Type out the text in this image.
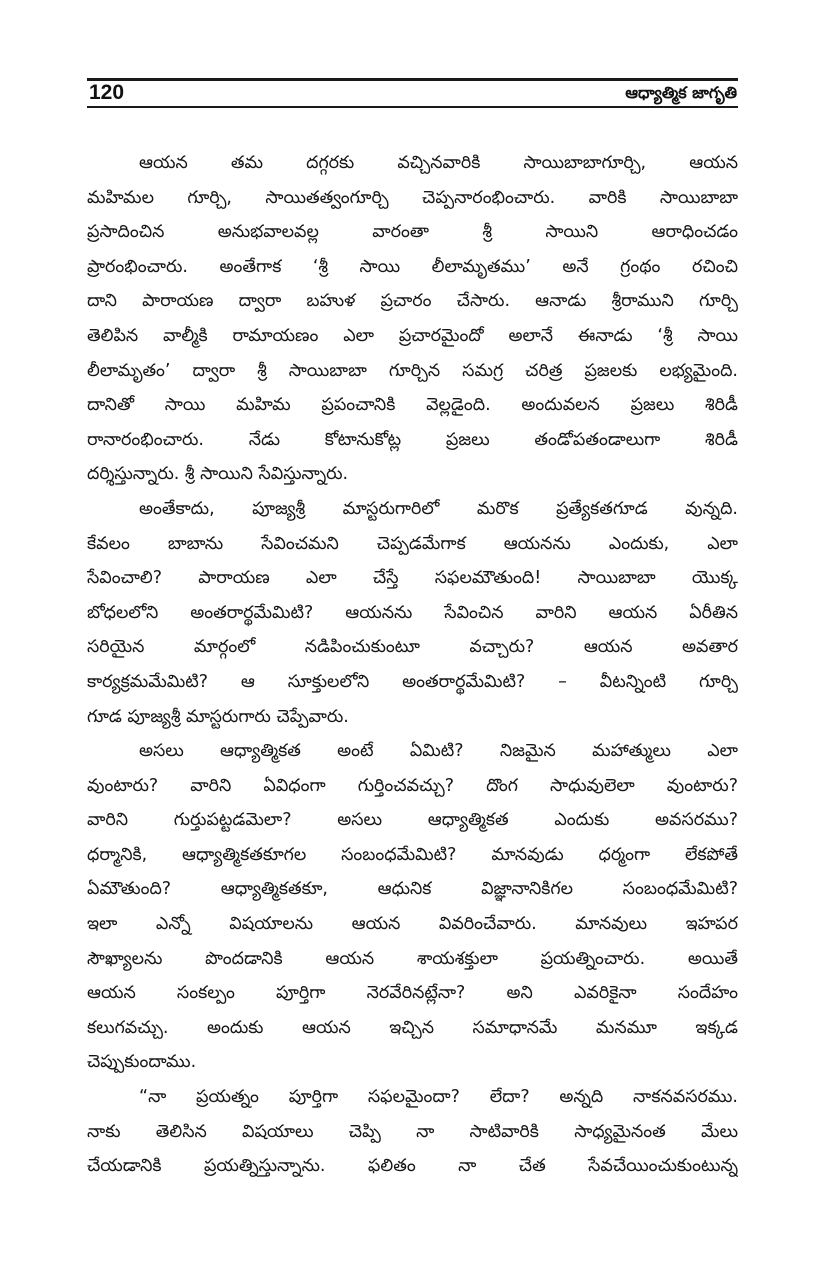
120	ఆధ్యాత్మిక జాగృతి
ఆయన తమ దగ్గరకు వచ్చినవారికి సాయిబాబాగూర్చి, ఆయన
మహిమల గూర్చి, సాయితత్వంగూర్చి చెప్పనారంభించారు. వారికి సాయిబాబా
ప్రసాదించిన అనుభవాలవల్ల వారంతా శ్రీ సాయిని ఆరాధించడం
ప్రారంభించారు. అంతేగాక ‘శ్రీ సాయి లీలామృతము’ అనే గ్రంథం రచించి
దాని పారాయణ ద్వారా బహుళ ప్రచారం చేసారు. ఆనాడు శ్రీరాముని గూర్చి
తెలిపిన వాల్మీకి రామాయణం ఎలా ప్రచారమైందో అలానే ఈనాడు ‘శ్రీ సాయి
లీలామృతం’ ద్వారా శ్రీ సాయిబాబా గూర్చిన సమగ్ర చరిత్ర ప్రజలకు లభ్యమైంది.
దానితో సాయి మహిమ ప్రపంచానికి వెల్లడైంది. అందువలన ప్రజలు శిరిడీ
రానారంభించారు. నేడు కోటానుకోట్ల ప్రజలు తండోపతండాలుగా శిరిడీ
దర్శిస్తున్నారు. శ్రీ సాయిని సేవిస్తున్నారు.
అంతేకాదు, పూజ్యశ్రీ మాస్టరుగారిలో మరొక ప్రత్యేకతగూడ వున్నది.
కేవలం బాబాను సేవించమని చెప్పడమేగాక ఆయనను ఎందుకు, ఎలా
సేవించాలి? పారాయణ ఎలా చేస్తే సఫలమౌతుంది! సాయిబాబా యొక్క
బోధలలోని అంతరార్థమేమిటి? ఆయనను సేవించిన వారిని ఆయన ఏరీతిన
సరియైన మార్గంలో నడిపించుకుంటూ వచ్చారు? ఆయన అవతార
కార్యక్రమమేమిటి? ఆ సూక్తులలోని అంతరార్థమేమిటి? – వీటన్నింటి గూర్చి
గూడ పూజ్యశ్రీ మాస్టరుగారు చెప్పేవారు.
అసలు ఆధ్యాత్మికత అంటే ఏమిటి? నిజమైన మహాత్ములు ఎలా
వుంటారు? వారిని ఏవిధంగా గుర్తించవచ్చు? దొంగ సాధువులెలా వుంటారు?
వారిని గుర్తుపట్టడమెలా? అసలు ఆధ్యాత్మికత ఎందుకు అవసరము?
ధర్మానికి, ఆధ్యాత్మికతకూగల సంబంధమేమిటి? మానవుడు ధర్మంగా లేకపోతే
ఏమౌతుంది? ఆధ్యాత్మికతకూ, ఆధునిక విజ్ఞానానికిగల సంబంధమేమిటి?
ఇలా ఎన్నో విషయాలను ఆయన వివరించేవారు. మానవులు ఇహపర
సౌఖ్యాలను పొందడానికి ఆయన శాయశక్తులా ప్రయత్నించారు. అయితే
ఆయన సంకల్పం పూర్తిగా నెరవేరినట్లేనా? అని ఎవరికైనా సందేహం
కలుగవచ్చు. అందుకు ఆయన ఇచ్చిన సమాధానమే మనమూ ఇక్కడ
చెప్పుకుందాము.
“నా ప్రయత్నం పూర్తిగా సఫలమైందా? లేదా? అన్నది నాకనవసరము.
నాకు తెలిసిన విషయాలు చెప్పి నా సాటివారికి సాధ్యమైనంత మేలు
చేయడానికి ప్రయత్నిస్తున్నాను. ఫలితం నా చేత సేవచేయించుకుంటున్న
